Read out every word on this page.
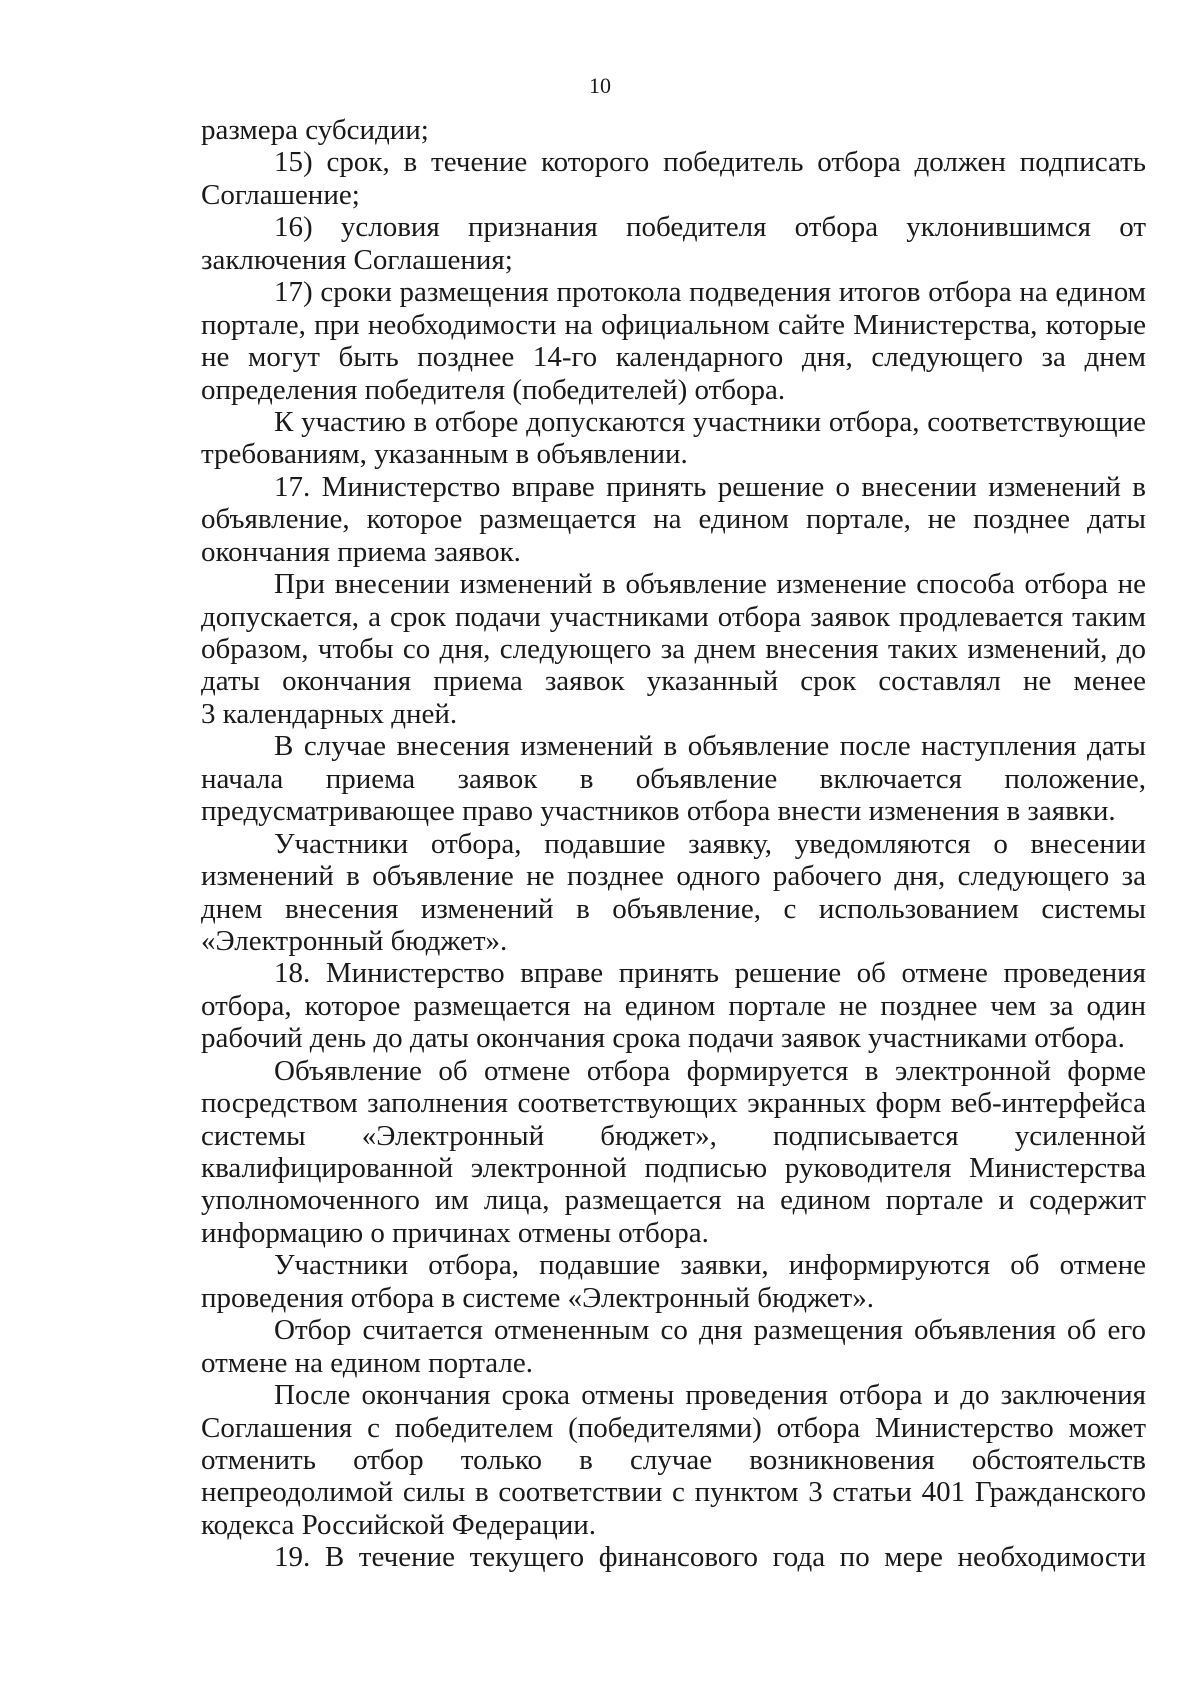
10
размера субсидии;
15) срок, в течение которого победитель отбора должен подписать
Соглашение;
16) условия признания победителя отбора уклонившимся от
заключения Соглашения;
17) сроки размещения протокола подведения итогов отбора на едином
портале, при необходимости на официальном сайте Министерства, которые
не могут быть позднее 14-го календарного дня, следующего за днем
определения победителя (победителей) отбора.
К участию в отборе допускаются участники отбора, соответствующие
требованиям, указанным в объявлении.
17. Министерство вправе принять решение о внесении изменений в
объявление, которое размещается на едином портале, не позднее даты
окончания приема заявок.
При внесении изменений в объявление изменение способа отбора не
допускается, а срок подачи участниками отбора заявок продлевается таким
образом, чтобы со дня, следующего за днем внесения таких изменений, до
даты окончания приема заявок указанный срок составлял не менее
3 календарных дней.
В случае внесения изменений в объявление после наступления даты
начала приема заявок в объявление включается положение,
предусматривающее право участников отбора внести изменения в заявки.
Участники отбора, подавшие заявку, уведомляются о внесении
изменений в объявление не позднее одного рабочего дня, следующего за
днем внесения изменений в объявление, с использованием системы
«Электронный бюджет».
18. Министерство вправе принять решение об отмене проведения
отбора, которое размещается на едином портале не позднее чем за один
рабочий день до даты окончания срока подачи заявок участниками отбора.
Объявление об отмене отбора формируется в электронной форме
посредством заполнения соответствующих экранных форм веб-интерфейса
системы «Электронный бюджет», подписывается усиленной
квалифицированной электронной подписью руководителя Министерства
уполномоченного им лица, размещается на едином портале и содержит
информацию о причинах отмены отбора.
Участники отбора, подавшие заявки, информируются об отмене
проведения отбора в системе «Электронный бюджет».
Отбор считается отмененным со дня размещения объявления об его
отмене на едином портале.
После окончания срока отмены проведения отбора и до заключения
Соглашения с победителем (победителями) отбора Министерство может
отменить отбор только в случае возникновения обстоятельств
непреодолимой силы в соответствии с пунктом 3 статьи 401 Гражданского
кодекса Российской Федерации.
19. В течение текущего финансового года по мере необходимости
